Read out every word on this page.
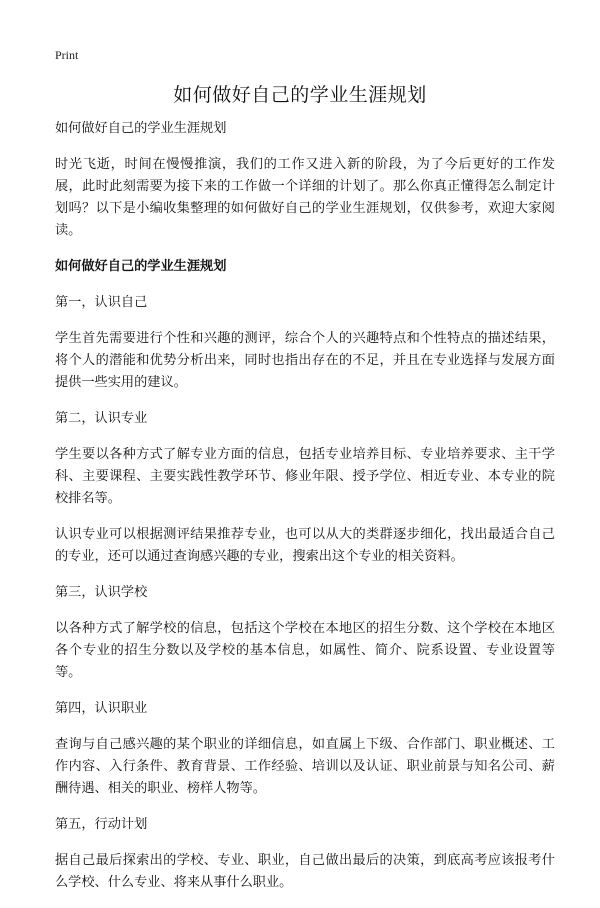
Print
如何做好自己的学业生涯规划

如何做好自己的学业生涯规划

时光飞逝，时间在慢慢推演，我们的工作又进入新的阶段，为了今后更好的工作发展，此时此刻需要为接下来的工作做一个详细的计划了。那么你真正懂得怎么制定计划吗？以下是小编收集整理的如何做好自己的学业生涯规划，仅供参考，欢迎大家阅读。

如何做好自己的学业生涯规划

第一，认识自己

学生首先需要进行个性和兴趣的测评，综合个人的兴趣特点和个性特点的描述结果，将个人的潜能和优势分析出来，同时也指出存在的不足，并且在专业选择与发展方面提供一些实用的建议。

第二，认识专业

学生要以各种方式了解专业方面的信息，包括专业培养目标、专业培养要求、主干学科、主要课程、主要实践性教学环节、修业年限、授予学位、相近专业、本专业的院校排名等。

认识专业可以根据测评结果推荐专业，也可以从大的类群逐步细化，找出最适合自己的专业，还可以通过查询感兴趣的专业，搜索出这个专业的相关资料。

第三，认识学校

以各种方式了解学校的信息，包括这个学校在本地区的招生分数、这个学校在本地区各个专业的招生分数以及学校的基本信息，如属性、简介、院系设置、专业设置等等。

第四，认识职业

查询与自己感兴趣的某个职业的详细信息，如直属上下级、合作部门、职业概述、工作内容、入行条件、教育背景、工作经验、培训以及认证、职业前景与知名公司、薪酬待遇、相关的职业、榜样人物等。

第五，行动计划

据自己最后探索出的学校、专业、职业，自己做出最后的决策，到底高考应该报考什么学校、什么专业、将来从事什么职业。
